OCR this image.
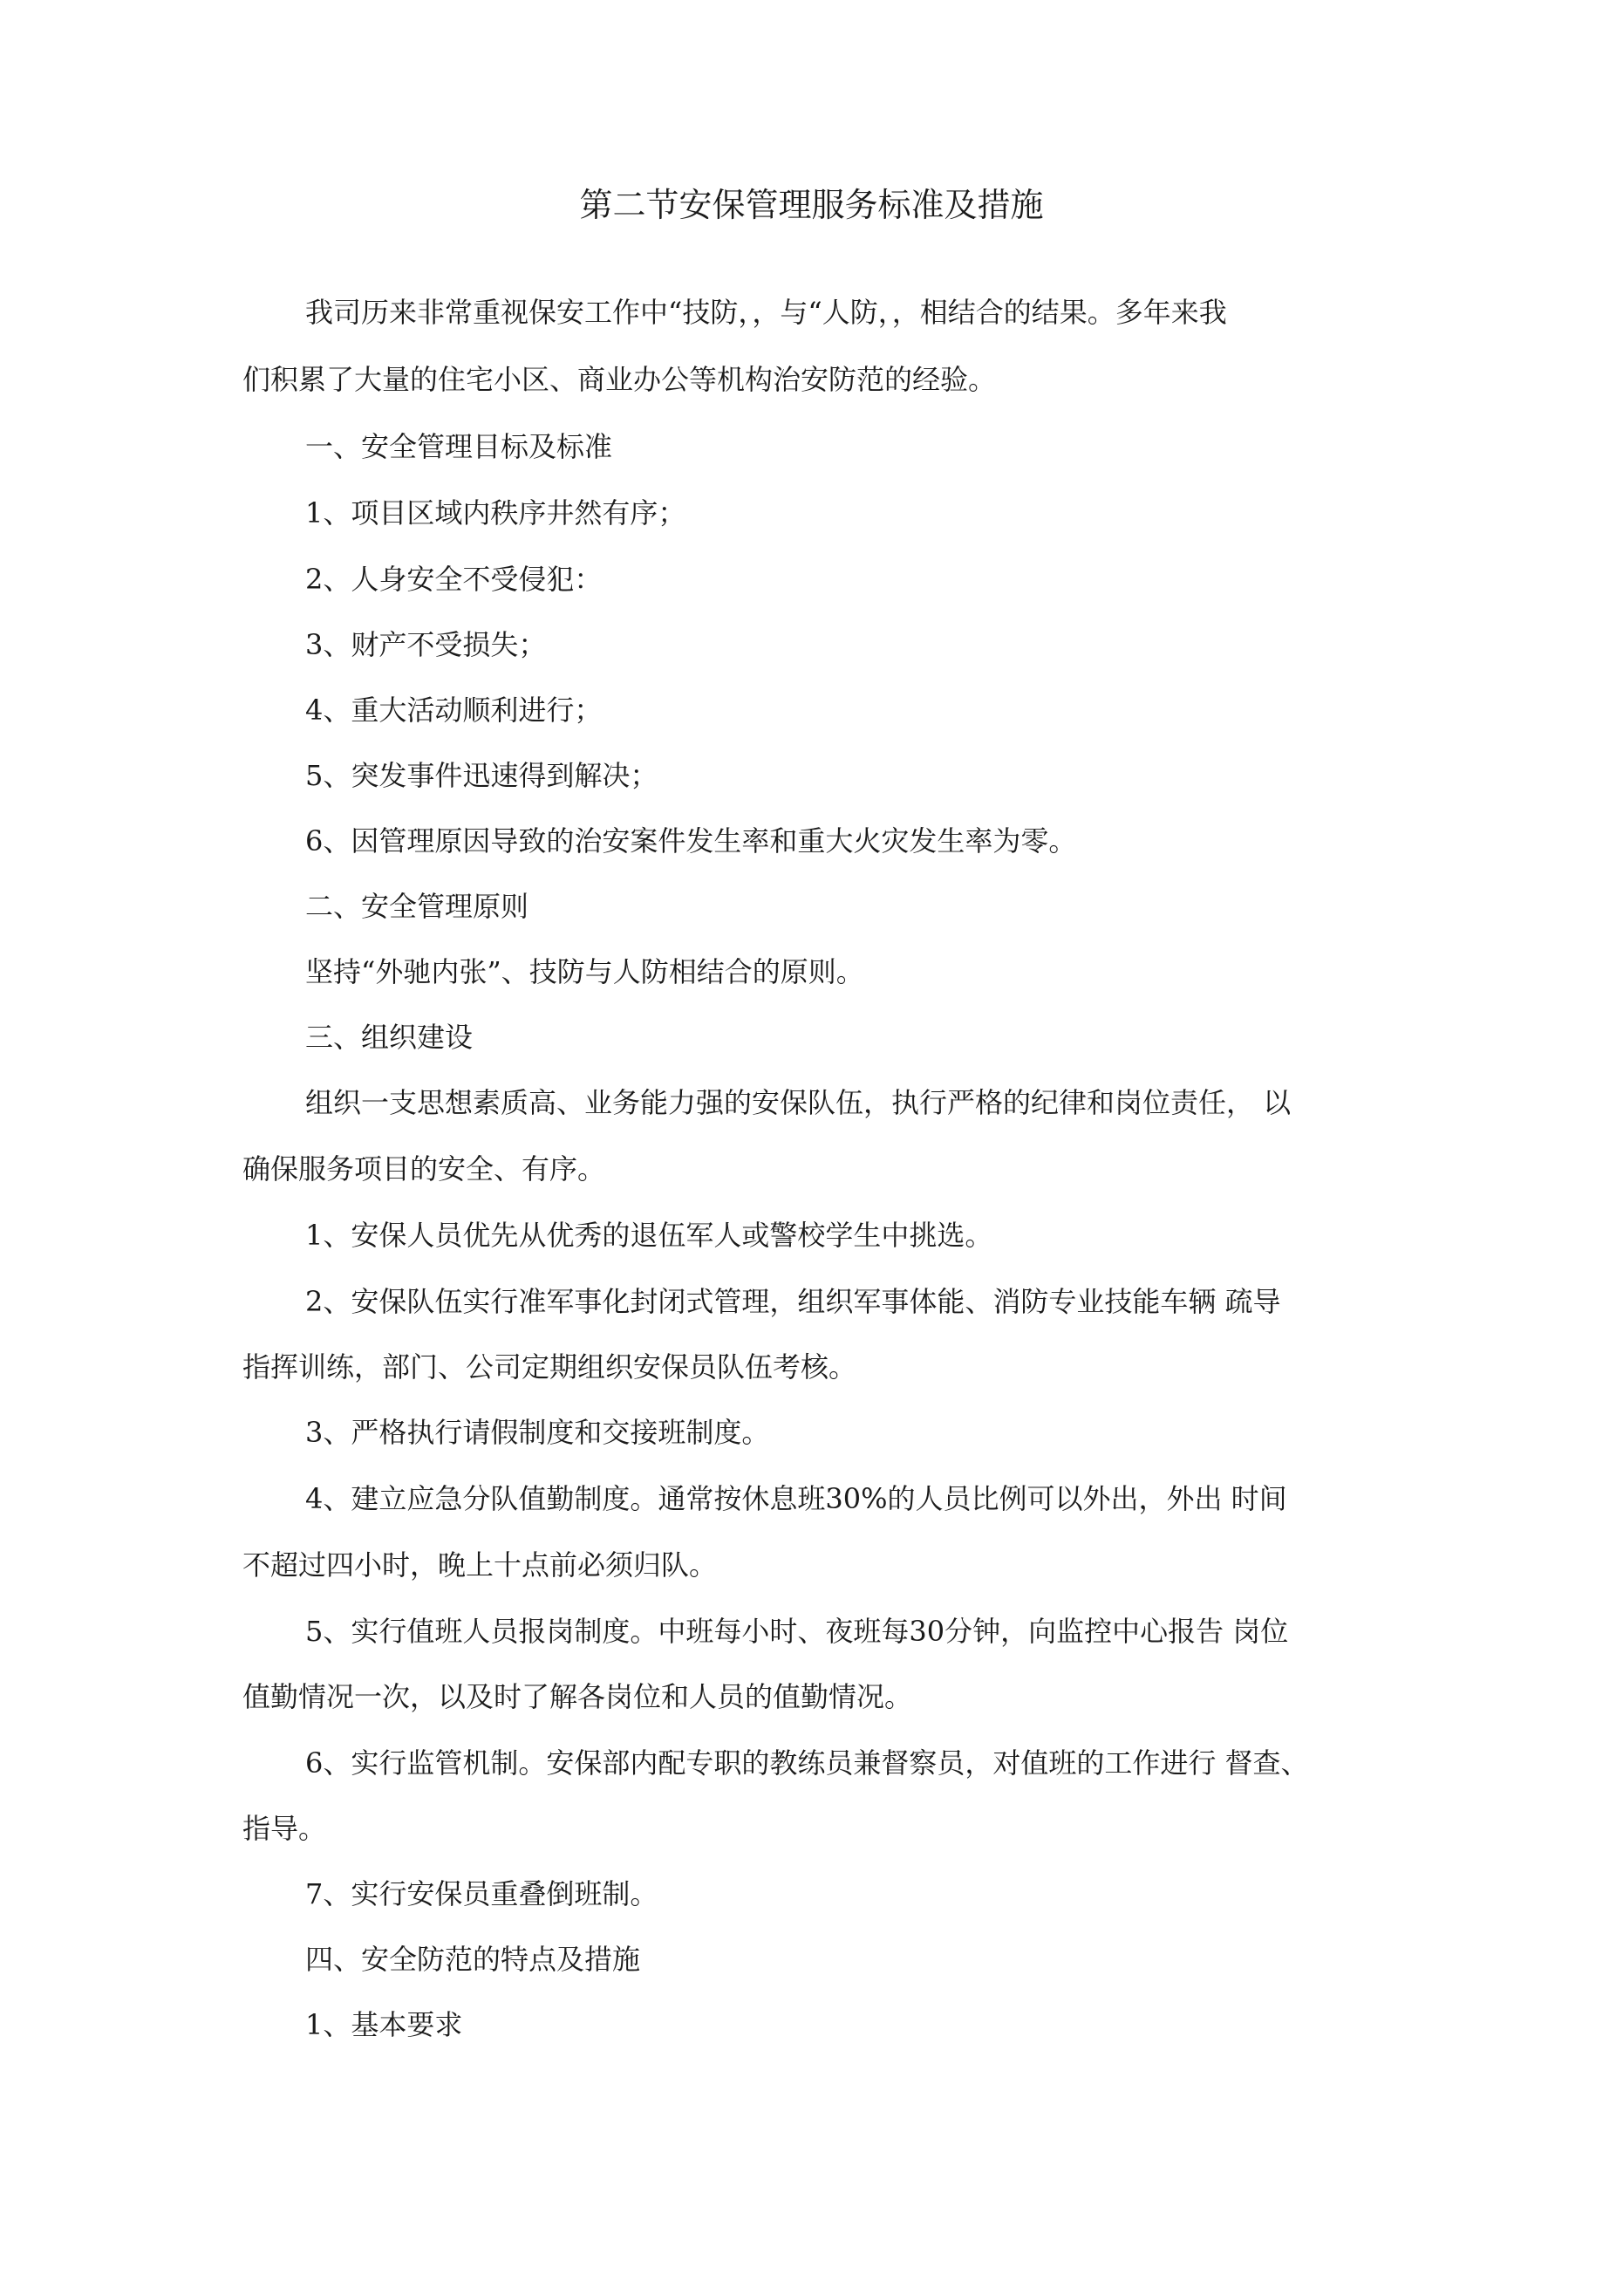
第二节安保管理服务标准及措施
我司历来非常重视保安工作中“技防，，与“人防，，相结合的结果。多年来我
们积累了大量的住宅小区、商业办公等机构治安防范的经验。
一、安全管理目标及标准
1、项目区域内秩序井然有序；
2、人身安全不受侵犯：
3、财产不受损失；
4、重大活动顺利进行；
5、突发事件迅速得到解决；
6、因管理原因导致的治安案件发生率和重大火灾发生率为零。
二、安全管理原则
坚持“外驰内张”、技防与人防相结合的原则。
三、组织建设
组织一支思想素质高、业务能力强的安保队伍，执行严格的纪律和岗位责任， 以
确保服务项目的安全、有序。
1、安保人员优先从优秀的退伍军人或警校学生中挑选。
2、安保队伍实行准军事化封闭式管理，组织军事体能、消防专业技能车辆 疏导
指挥训练，部门、公司定期组织安保员队伍考核。
3、严格执行请假制度和交接班制度。
4、建立应急分队值勤制度。通常按休息班30%的人员比例可以外出，外出 时间
不超过四小时，晚上十点前必须归队。
5、实行值班人员报岗制度。中班每小时、夜班每30分钟，向监控中心报告 岗位
值勤情况一次，以及时了解各岗位和人员的值勤情况。
6、实行监管机制。安保部内配专职的教练员兼督察员，对值班的工作进行 督查、
指导。
7、实行安保员重叠倒班制。
四、安全防范的特点及措施
1、基本要求
